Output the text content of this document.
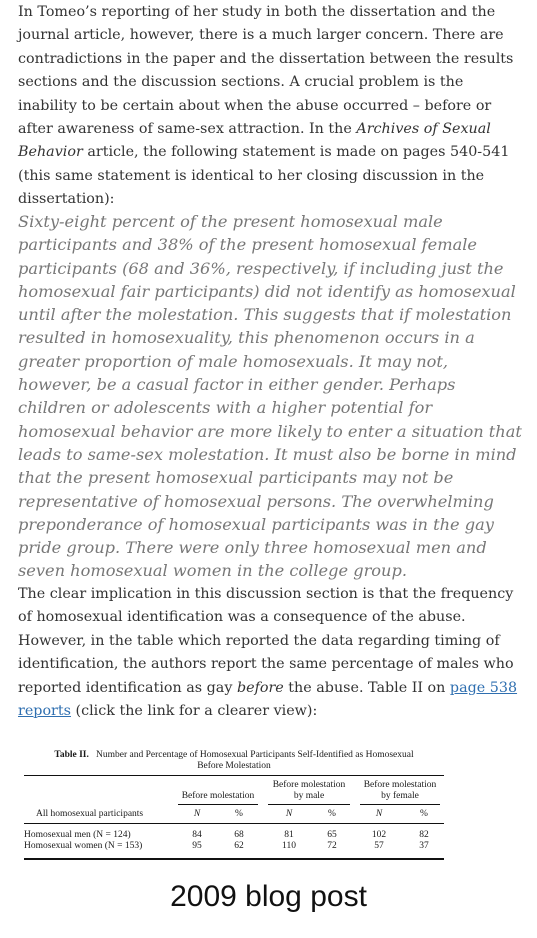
In Tomeo’s reporting of her study in both the dissertation and the journal article, however, there is a much larger concern. There are contradictions in the paper and the dissertation between the results sections and the discussion sections. A crucial problem is the inability to be certain about when the abuse occurred – before or after awareness of same-sex attraction. In the Archives of Sexual Behavior article, the following statement is made on pages 540-541 (this same statement is identical to her closing discussion in the dissertation):

Sixty-eight percent of the present homosexual male participants and 38% of the present homosexual female participants (68 and 36%, respectively, if including just the homosexual fair participants) did not identify as homosexual until after the molestation. This suggests that if molestation resulted in homosexuality, this phenomenon occurs in a greater proportion of male homosexuals. It may not, however, be a casual factor in either gender. Perhaps children or adolescents with a higher potential for homosexual behavior are more likely to enter a situation that leads to same-sex molestation. It must also be borne in mind that the present homosexual participants may not be representative of homosexual persons. The overwhelming preponderance of homosexual participants was in the gay pride group. There were only three homosexual men and seven homosexual women in the college group.

The clear implication in this discussion section is that the frequency of homosexual identification was a consequence of the abuse. However, in the table which reported the data regarding timing of identification, the authors report the same percentage of males who reported identification as gay before the abuse. Table II on page 538 reports (click the link for a clearer view):

Table II. Number and Percentage of Homosexual Participants Self-Identified as Homosexual
Before Molestation
Before molestation
Before molestation
by male
Before molestation
by female
All homosexual participants	N	%	N	%	N	%
Homosexual men (N = 124)	84	68	81	65	102	82
Homosexual women (N = 153)	95	62	110	72	57	37
2009 blog post
